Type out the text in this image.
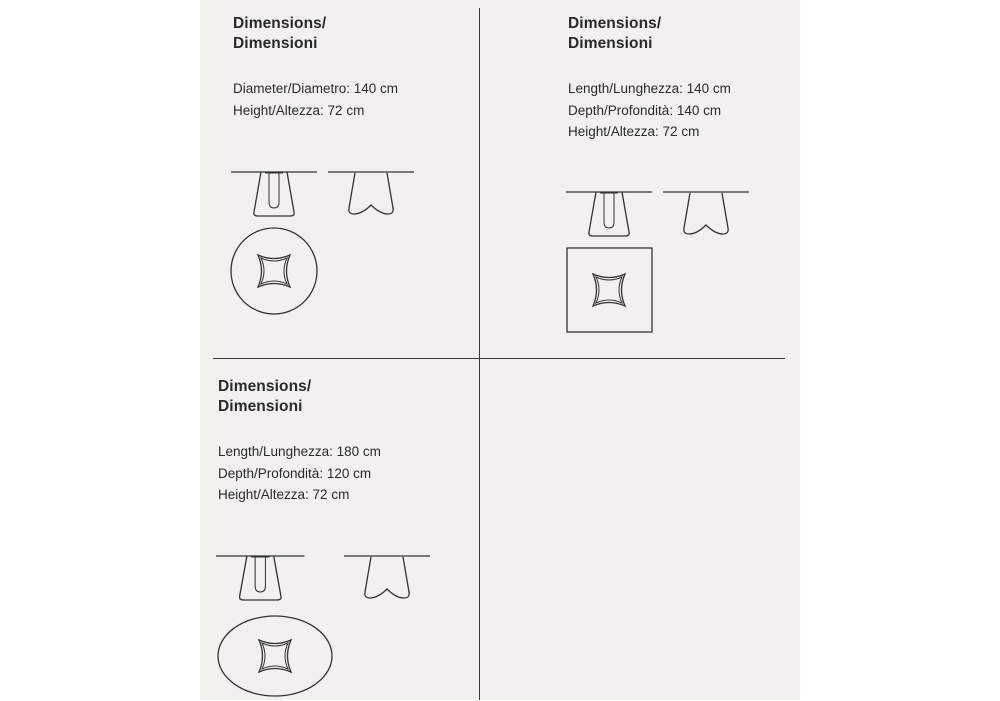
Dimensions/
Dimensioni
Diameter/Diametro: 140 cm
Height/Altezza: 72 cm
Dimensions/
Dimensioni
Length/Lunghezza: 140 cm
Depth/Profondità: 140 cm
Height/Altezza: 72 cm
Dimensions/
Dimensioni
Length/Lunghezza: 180 cm
Depth/Profondità: 120 cm
Height/Altezza: 72 cm
